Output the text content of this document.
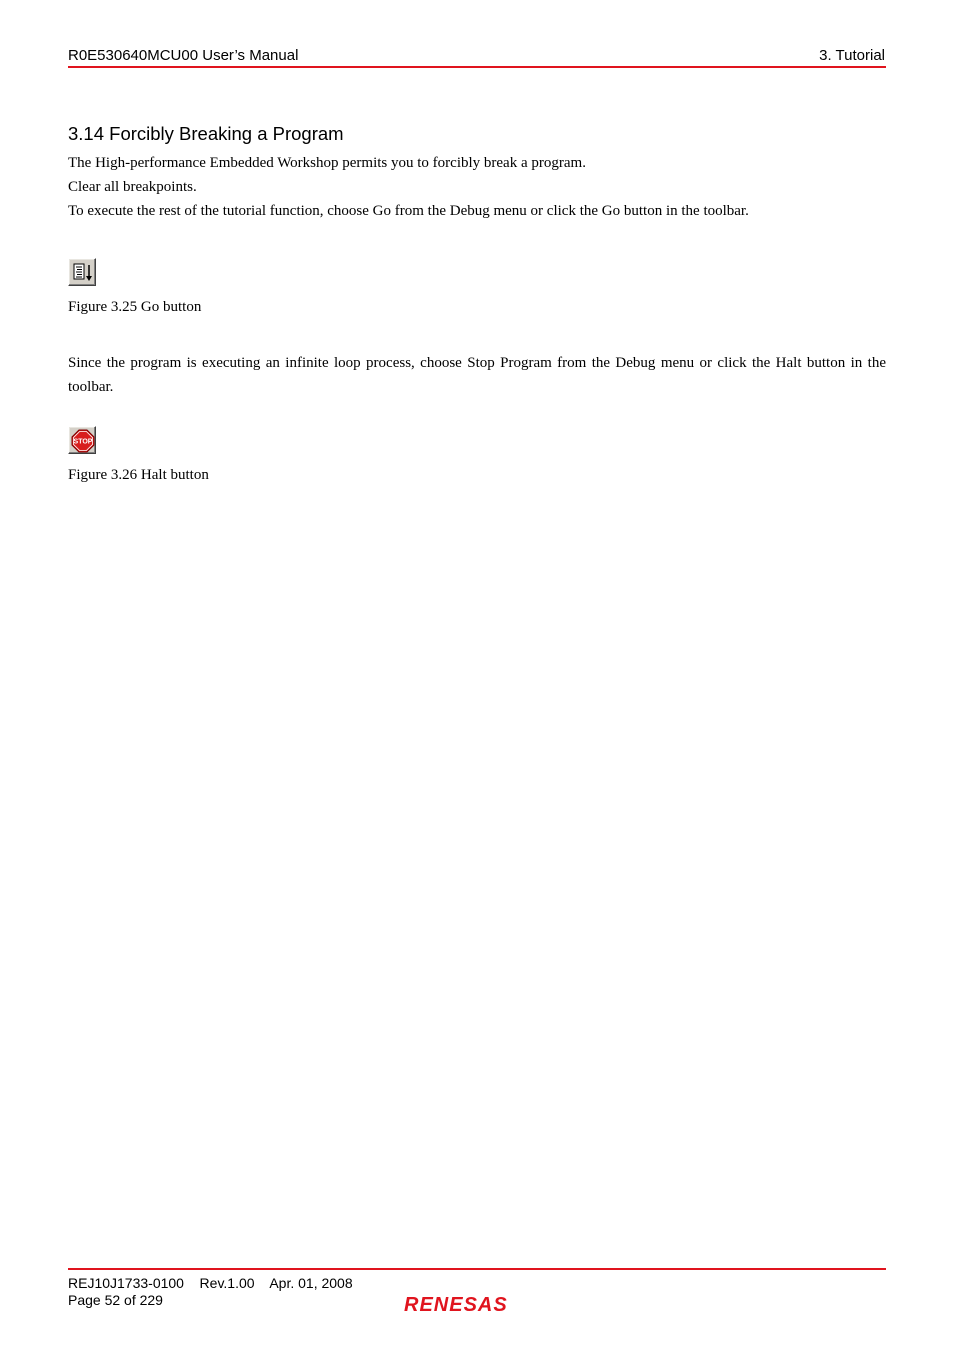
R0E530640MCU00 User’s Manual	3. Tutorial
3.14 Forcibly Breaking a Program
The High-performance Embedded Workshop permits you to forcibly break a program.
Clear all breakpoints.
To execute the rest of the tutorial function, choose Go from the Debug menu or click the Go button in the toolbar.
Figure 3.25 Go button
Since the program is executing an infinite loop process, choose Stop Program from the Debug menu or click the Halt button in the toolbar.
STOP
Figure 3.26 Halt button
REJ10J1733-0100 Rev.1.00 Apr. 01, 2008
Page 52 of 229	RENESAS
